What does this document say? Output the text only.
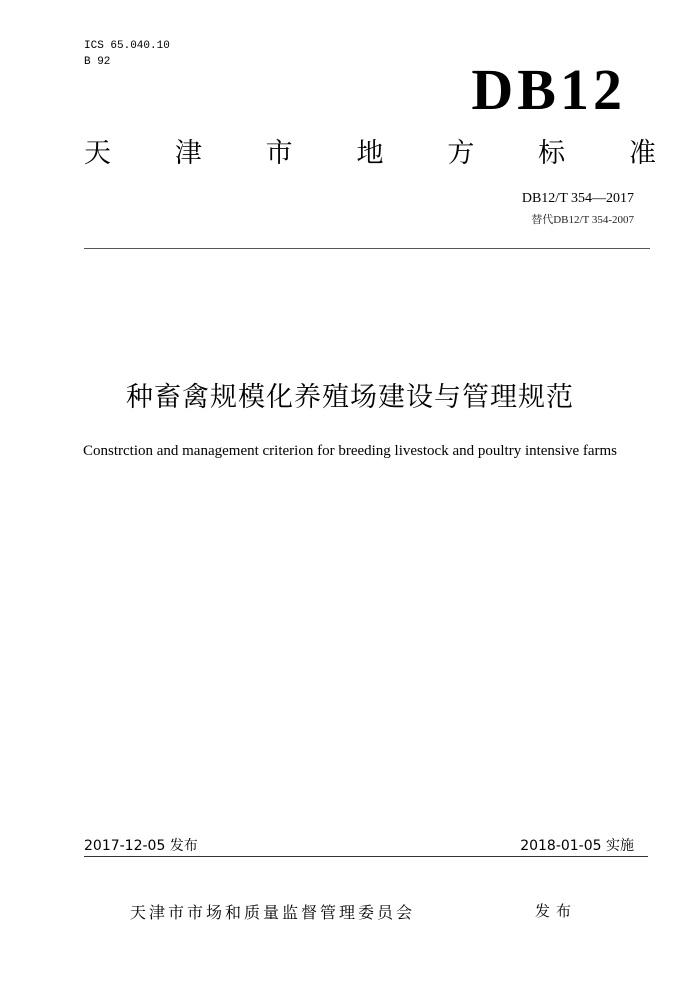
ICS 65.040.10
B 92	DB12
天 津 市 地 方 标 准
DB12/T 354—2017
替代DB12/T 354-2007
种畜禽规模化养殖场建设与管理规范
Constrction and management criterion for breeding livestock and poultry intensive farms
2017-12-05 发布	2018-01-05 实施
天津市市场和质量监督管理委员会	发布
